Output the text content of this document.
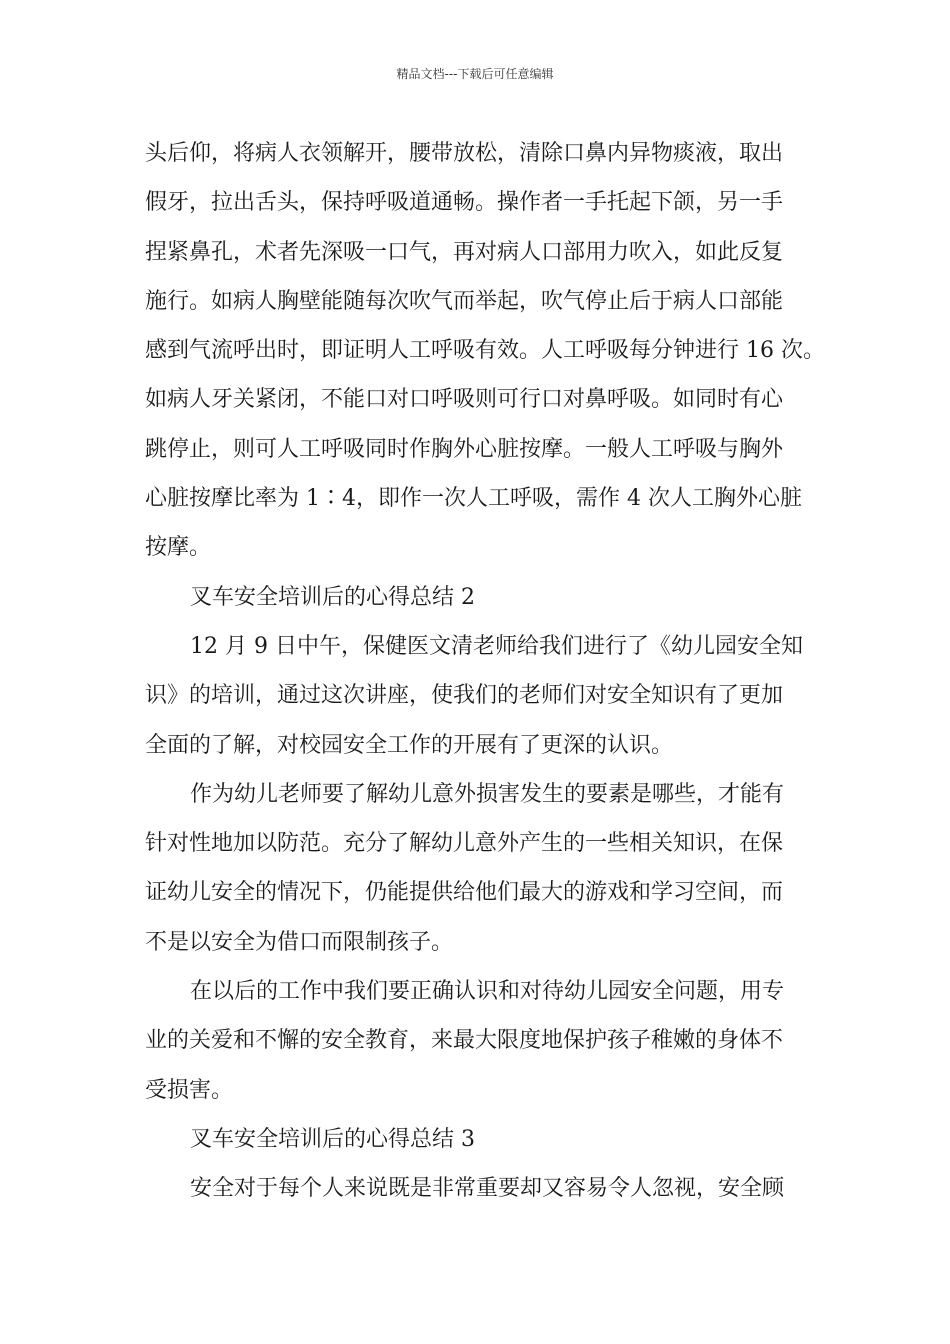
精品文档---下载后可任意编辑
头后仰，将病人衣领解开，腰带放松，清除口鼻内异物痰液，取出
假牙，拉出舌头，保持呼吸道通畅。操作者一手托起下颌，另一手
捏紧鼻孔，术者先深吸一口气，再对病人口部用力吹入，如此反复
施行。如病人胸壁能随每次吹气而举起，吹气停止后于病人口部能
感到气流呼出时，即证明人工呼吸有效。人工呼吸每分钟进行 16 次。
如病人牙关紧闭，不能口对口呼吸则可行口对鼻呼吸。如同时有心
跳停止，则可人工呼吸同时作胸外心脏按摩。一般人工呼吸与胸外
心脏按摩比率为 1∶4，即作一次人工呼吸，需作 4 次人工胸外心脏
按摩。
叉车安全培训后的心得总结 2
12 月 9 日中午，保健医文清老师给我们进行了《幼儿园安全知
识》的培训，通过这次讲座，使我们的老师们对安全知识有了更加
全面的了解，对校园安全工作的开展有了更深的认识。
作为幼儿老师要了解幼儿意外损害发生的要素是哪些，才能有
针对性地加以防范。充分了解幼儿意外产生的一些相关知识，在保
证幼儿安全的情况下，仍能提供给他们最大的游戏和学习空间，而
不是以安全为借口而限制孩子。
在以后的工作中我们要正确认识和对待幼儿园安全问题，用专
业的关爱和不懈的安全教育，来最大限度地保护孩子稚嫩的身体不
受损害。
叉车安全培训后的心得总结 3
安全对于每个人来说既是非常重要却又容易令人忽视，安全顾
